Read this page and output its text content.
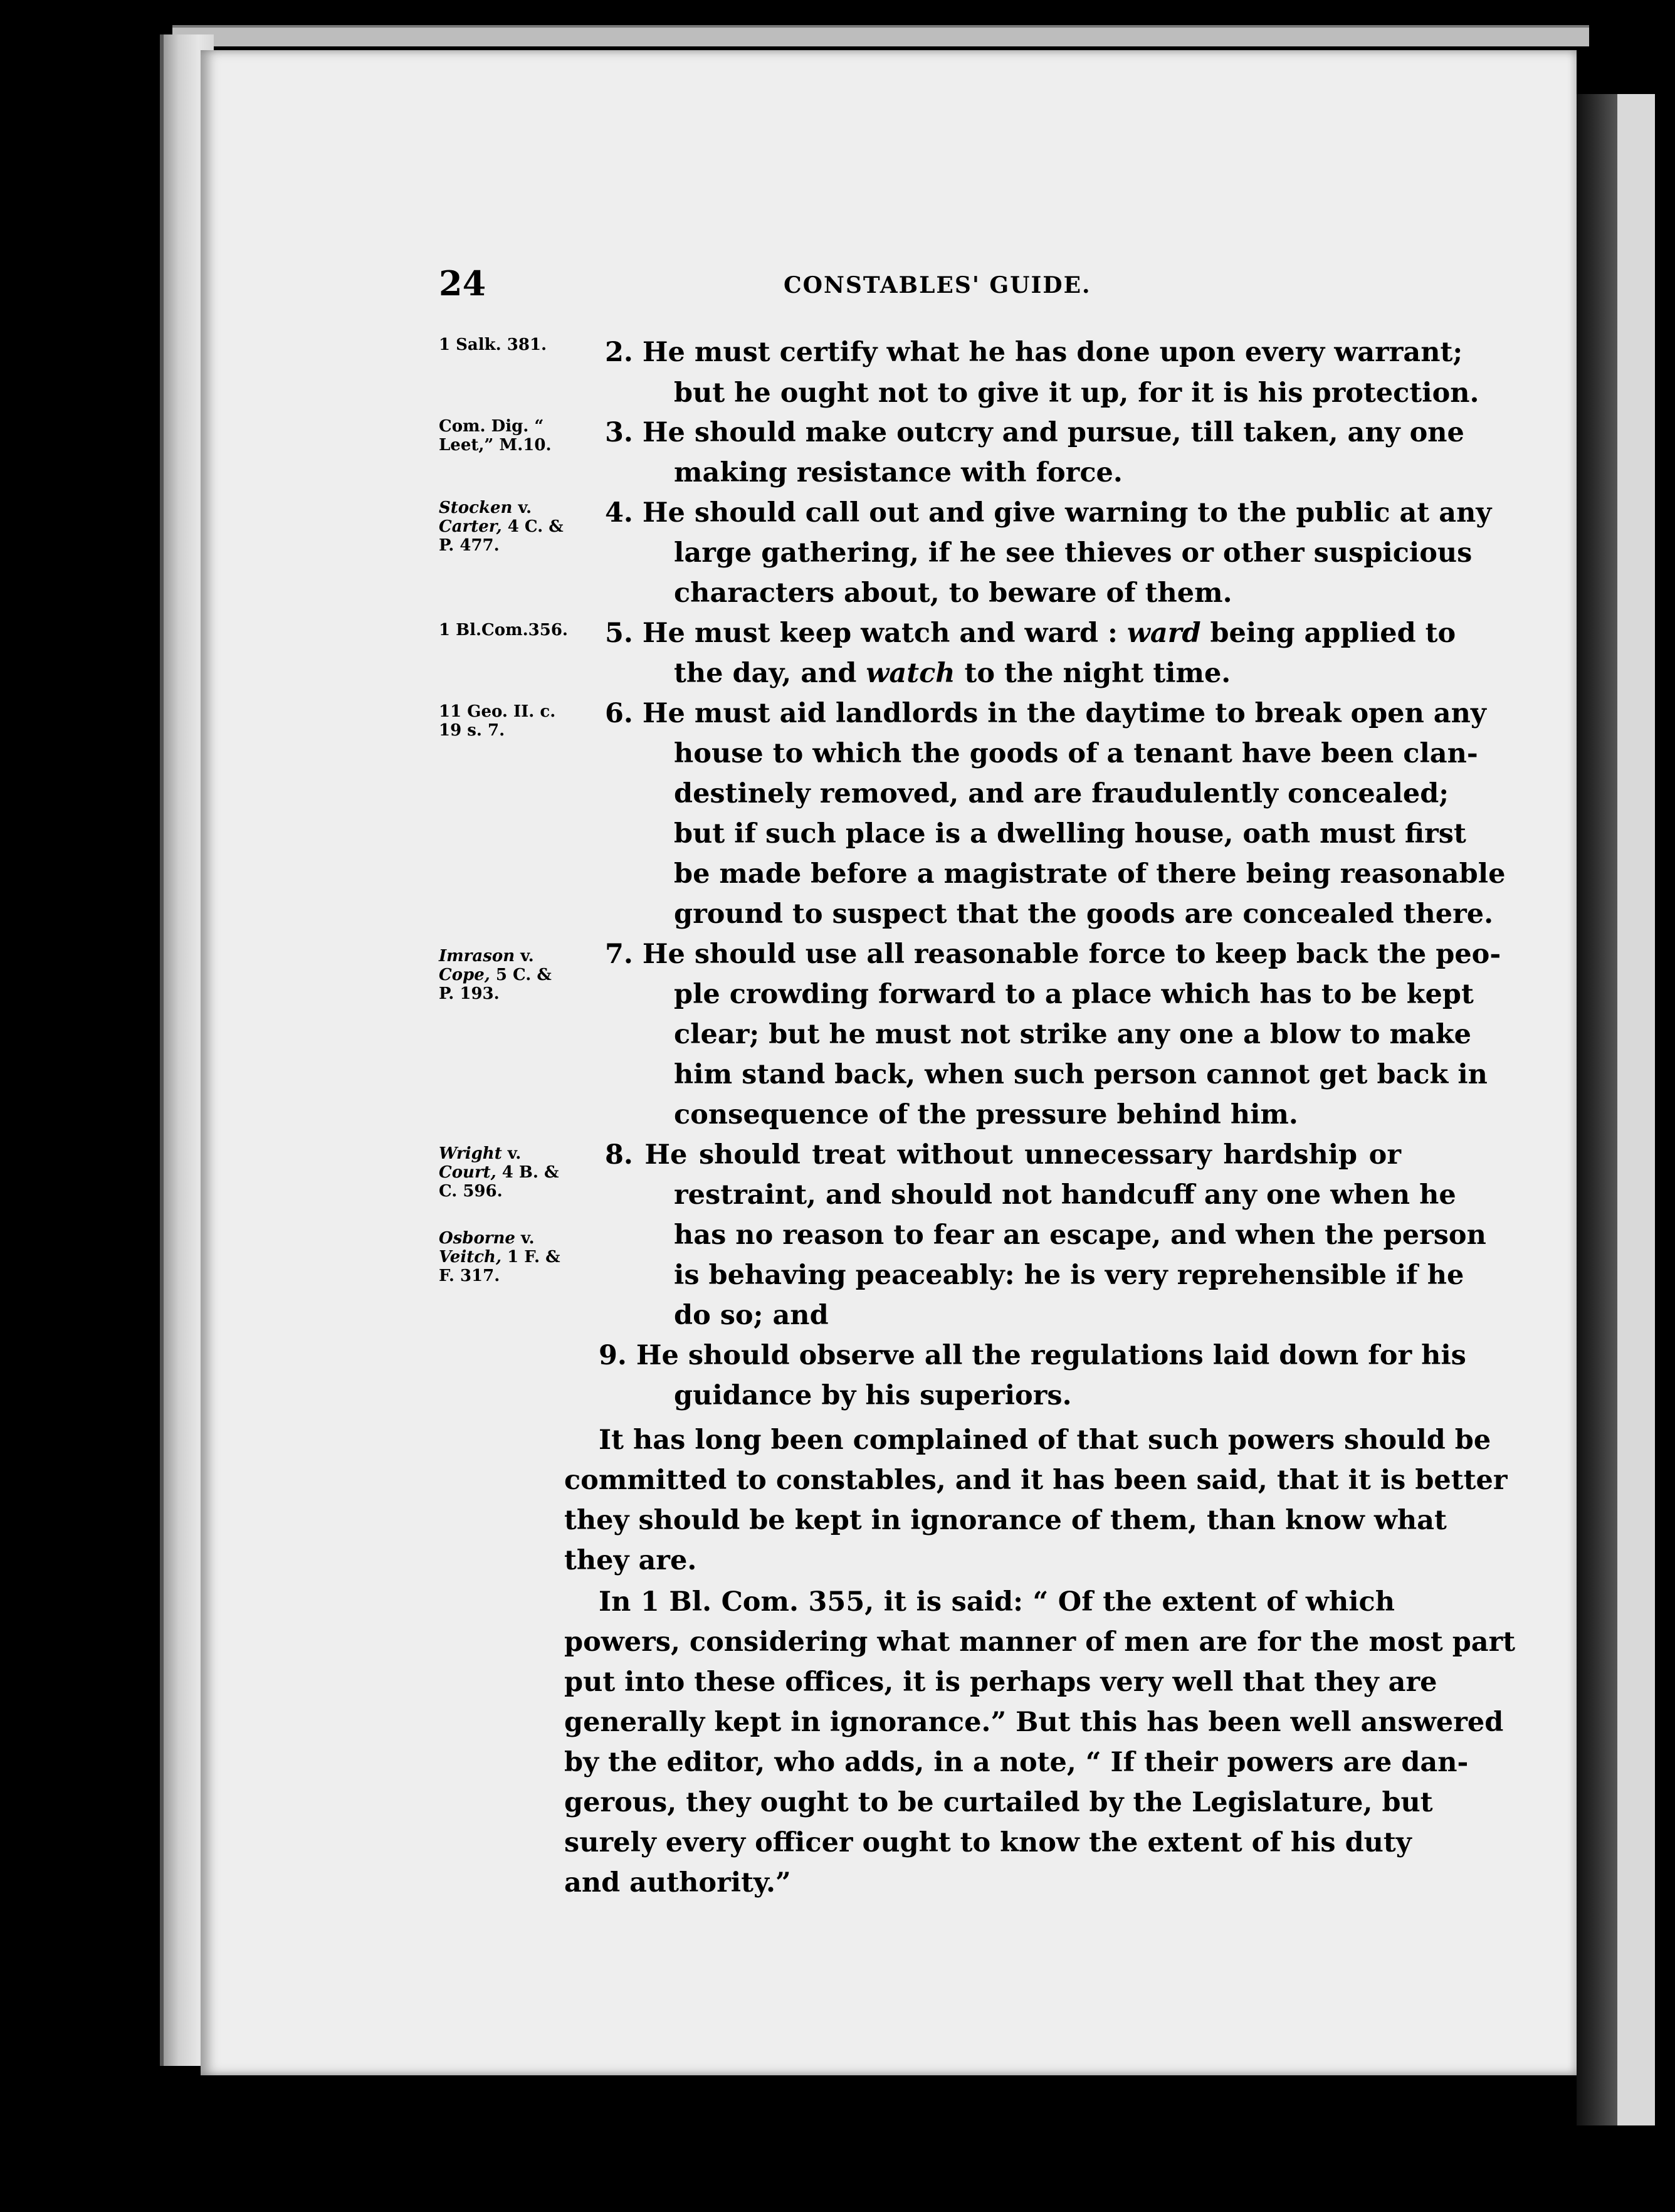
24	CONSTABLES' GUIDE.
1 Salk. 381.
Com. Dig. “ Leet,” M.10.
Stocken v. Carter, 4 C. & P. 477.
1 Bl.Com.356.
11 Geo. II. c. 19 s. 7.
Imrason v. Cope, 5 C. & P. 193.
Wright v. Court, 4 B. & C. 596.
Osborne v. Veitch, 1 F. & F. 317.
2. He must certify what he has done upon every warrant;
but he ought not to give it up, for it is his protection.
3. He should make outcry and pursue, till taken, any one
making resistance with force.
4. He should call out and give warning to the public at any
large gathering, if he see thieves or other suspicious
characters about, to beware of them.
5. He must keep watch and ward : ward being applied to
the day, and watch to the night time.
6. He must aid landlords in the daytime to break open any
house to which the goods of a tenant have been clan-
destinely removed, and are fraudulently concealed;
but if such place is a dwelling house, oath must first
be made before a magistrate of there being reasonable
ground to suspect that the goods are concealed there.
7. He should use all reasonable force to keep back the peo-
ple crowding forward to a place which has to be kept
clear; but he must not strike any one a blow to make
him stand back, when such person cannot get back in
consequence of the pressure behind him.
8. He should treat without unnecessary hardship or
restraint, and should not handcuff any one when he
has no reason to fear an escape, and when the person
is behaving peaceably: he is very reprehensible if he
do so; and
9. He should observe all the regulations laid down for his
guidance by his superiors.
It has long been complained of that such powers should be
committed to constables, and it has been said, that it is better
they should be kept in ignorance of them, than know what
they are.
In 1 Bl. Com. 355, it is said: “ Of the extent of which
powers, considering what manner of men are for the most part
put into these offices, it is perhaps very well that they are
generally kept in ignorance.” But this has been well answered
by the editor, who adds, in a note, “ If their powers are dan-
gerous, they ought to be curtailed by the Legislature, but
surely every officer ought to know the extent of his duty
and authority.”
